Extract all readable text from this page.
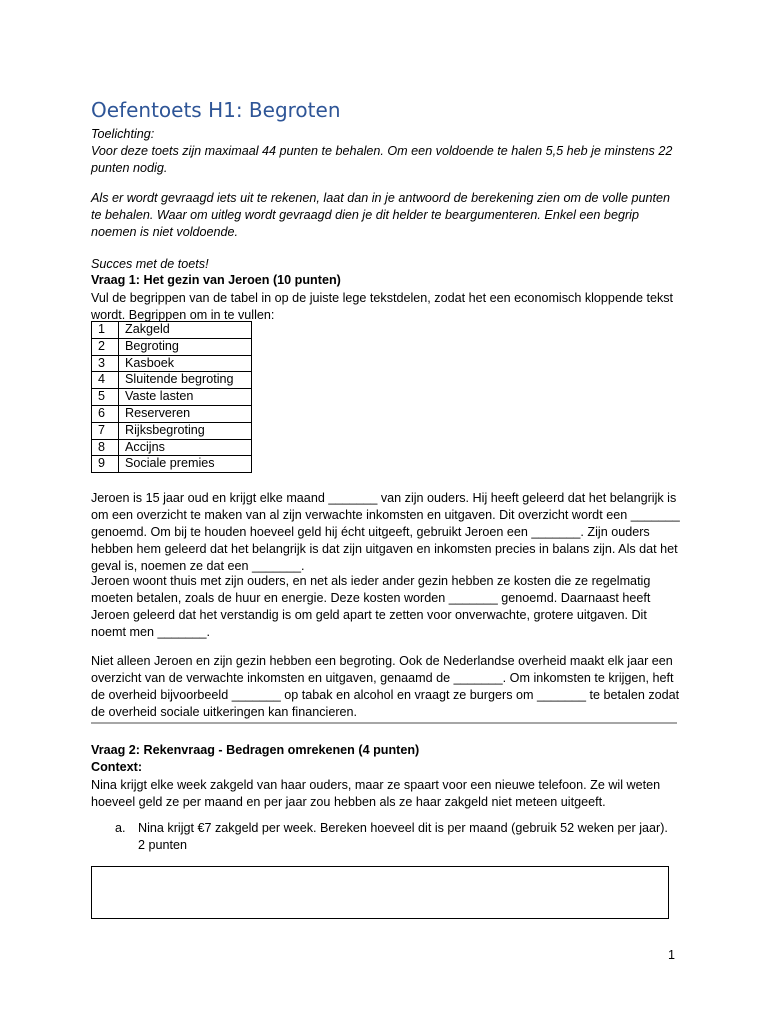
Oefentoets H1: Begroten

Toelichting:

Voor deze toets zijn maximaal 44 punten te behalen. Om een voldoende te halen 5,5 heb je minstens 22 punten nodig.

Als er wordt gevraagd iets uit te rekenen, laat dan in je antwoord de berekening zien om de volle punten te behalen. Waar om uitleg wordt gevraagd dien je dit helder te beargumenteren. Enkel een begrip noemen is niet voldoende.

Succes met de toets!

Vraag 1: Het gezin van Jeroen (10 punten)

Vul de begrippen van de tabel in op de juiste lege tekstdelen, zodat het een economisch kloppende tekst wordt. Begrippen om in te vullen:

1	Zakgeld
2	Begroting
3	Kasboek
4	Sluitende begroting
5	Vaste lasten
6	Reserveren
7	Rijksbegroting
8	Accijns
9	Sociale premies

Jeroen is 15 jaar oud en krijgt elke maand _______ van zijn ouders. Hij heeft geleerd dat het belangrijk is om een overzicht te maken van al zijn verwachte inkomsten en uitgaven. Dit overzicht wordt een _______ genoemd. Om bij te houden hoeveel geld hij écht uitgeeft, gebruikt Jeroen een _______. Zijn ouders hebben hem geleerd dat het belangrijk is dat zijn uitgaven en inkomsten precies in balans zijn. Als dat het geval is, noemen ze dat een _______.

Jeroen woont thuis met zijn ouders, en net als ieder ander gezin hebben ze kosten die ze regelmatig moeten betalen, zoals de huur en energie. Deze kosten worden _______ genoemd. Daarnaast heeft Jeroen geleerd dat het verstandig is om geld apart te zetten voor onverwachte, grotere uitgaven. Dit noemt men _______.

Niet alleen Jeroen en zijn gezin hebben een begroting. Ook de Nederlandse overheid maakt elk jaar een overzicht van de verwachte inkomsten en uitgaven, genaamd de _______. Om inkomsten te krijgen, heft de overheid bijvoorbeeld _______ op tabak en alcohol en vraagt ze burgers om _______ te betalen zodat de overheid sociale uitkeringen kan financieren.

Vraag 2: Rekenvraag - Bedragen omrekenen (4 punten)

Context:

Nina krijgt elke week zakgeld van haar ouders, maar ze spaart voor een nieuwe telefoon. Ze wil weten hoeveel geld ze per maand en per jaar zou hebben als ze haar zakgeld niet meteen uitgeeft.

a. Nina krijgt €7 zakgeld per week. Bereken hoeveel dit is per maand (gebruik 52 weken per jaar). 2 punten
1
